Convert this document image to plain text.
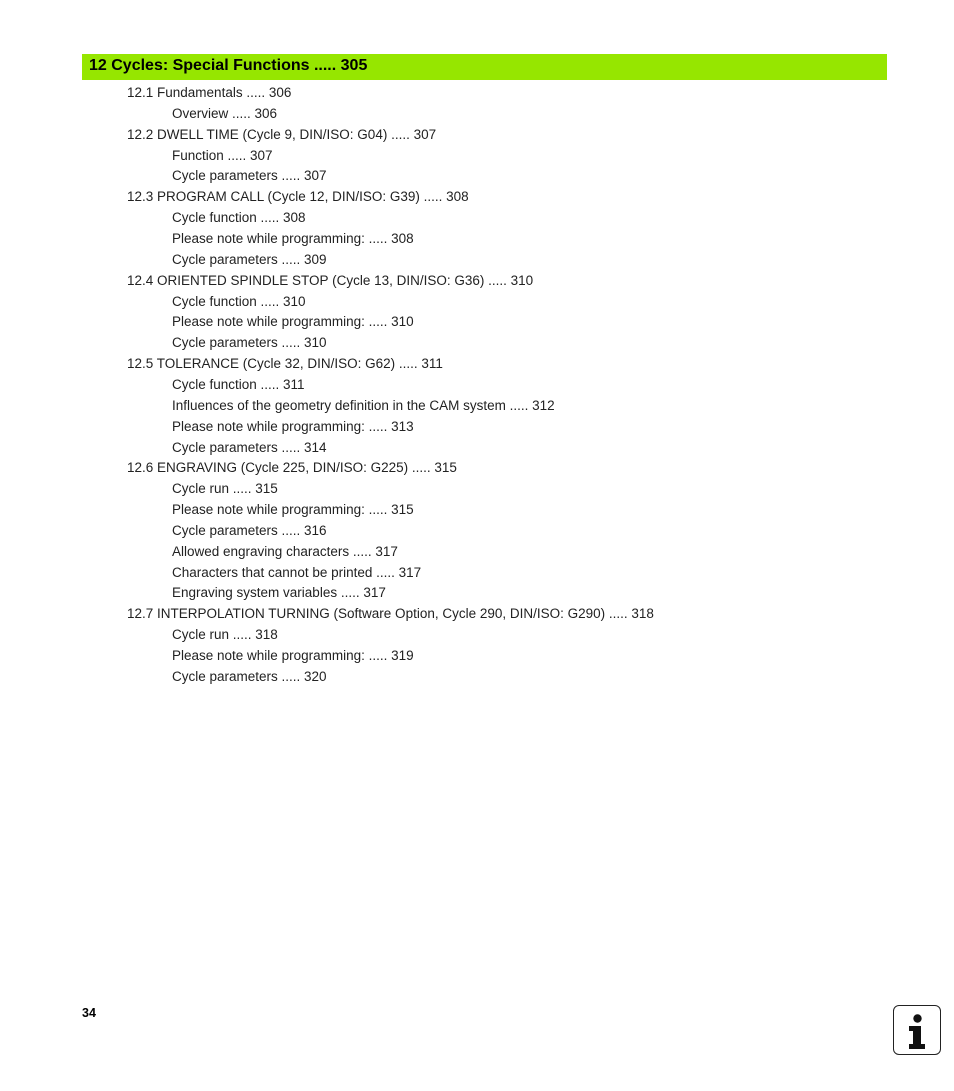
12 Cycles: Special Functions ..... 305
12.1 Fundamentals ..... 306
Overview ..... 306
12.2 DWELL TIME (Cycle 9, DIN/ISO: G04) ..... 307
Function ..... 307
Cycle parameters ..... 307
12.3 PROGRAM CALL (Cycle 12, DIN/ISO: G39) ..... 308
Cycle function ..... 308
Please note while programming: ..... 308
Cycle parameters ..... 309
12.4 ORIENTED SPINDLE STOP (Cycle 13, DIN/ISO: G36) ..... 310
Cycle function ..... 310
Please note while programming: ..... 310
Cycle parameters ..... 310
12.5 TOLERANCE (Cycle 32, DIN/ISO: G62) ..... 311
Cycle function ..... 311
Influences of the geometry definition in the CAM system ..... 312
Please note while programming: ..... 313
Cycle parameters ..... 314
12.6 ENGRAVING (Cycle 225, DIN/ISO: G225) ..... 315
Cycle run ..... 315
Please note while programming: ..... 315
Cycle parameters ..... 316
Allowed engraving characters ..... 317
Characters that cannot be printed ..... 317
Engraving system variables ..... 317
12.7 INTERPOLATION TURNING (Software Option, Cycle 290, DIN/ISO: G290) ..... 318
Cycle run ..... 318
Please note while programming: ..... 319
Cycle parameters ..... 320
34
